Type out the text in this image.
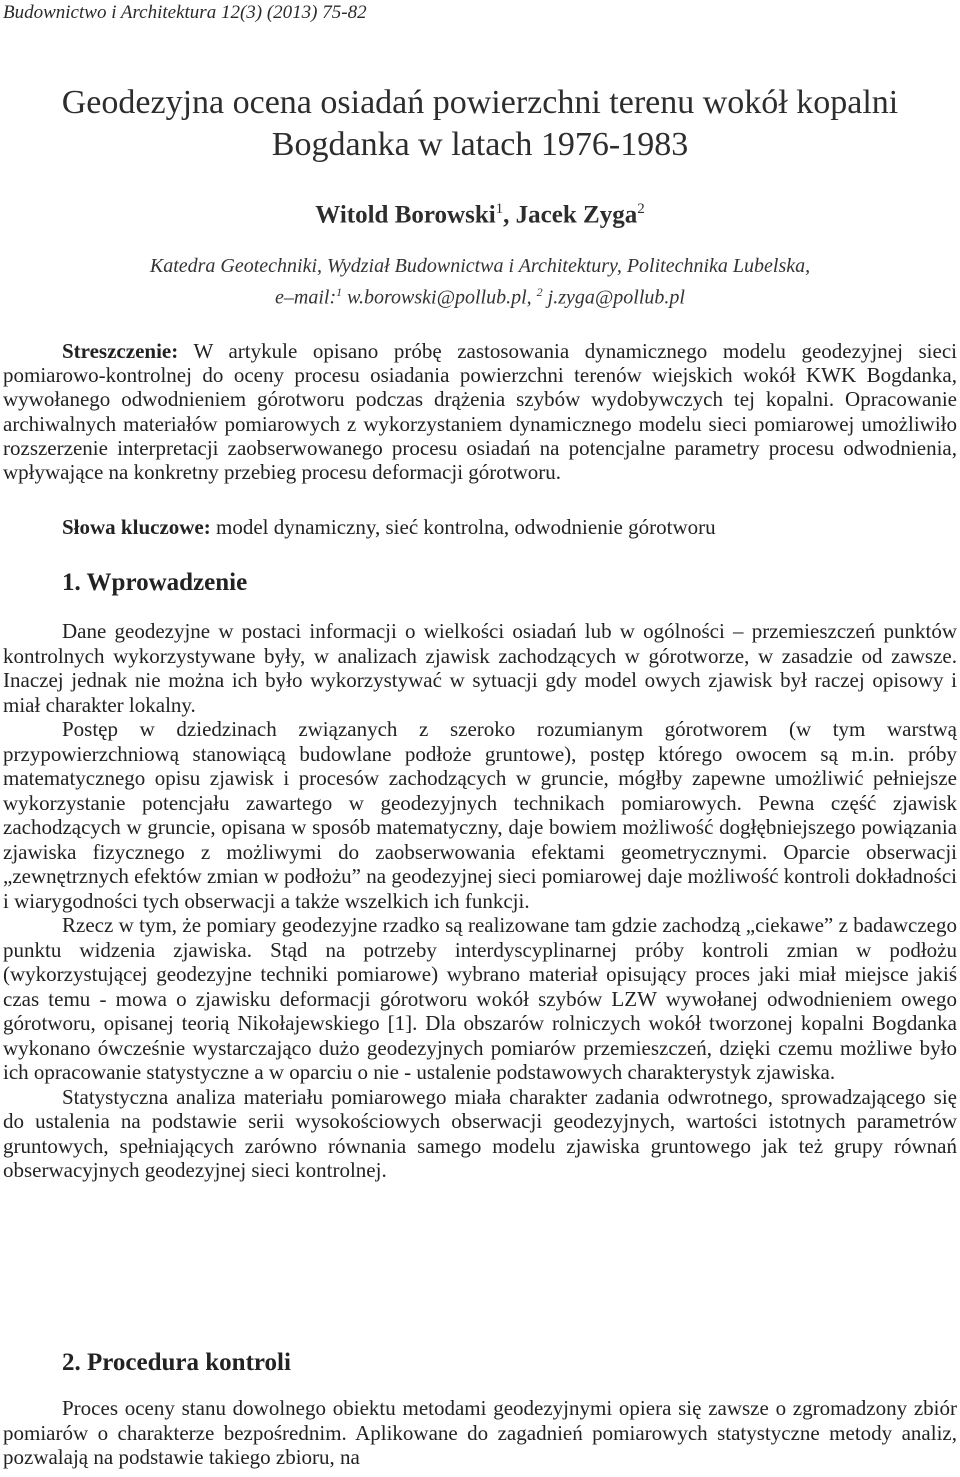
Budownictwo i Architektura 12(3) (2013) 75-82
Geodezyjna ocena osiadań powierzchni terenu wokół kopalni
Bogdanka w latach 1976-1983
Witold Borowski$^1$, Jacek Zyga$^2$
Katedra Geotechniki, Wydział Budownictwa i Architektury, Politechnika Lubelska,
e–mail:$^1$ w.borowski@pollub.pl, $^2$ j.zyga@pollub.pl
Streszczenie: W artykule opisano próbę zastosowania dynamicznego modelu geodezyjnej sieci pomiarowo-kontrolnej do oceny procesu osiadania powierzchni terenów wiejskich wokół KWK Bogdanka, wywołanego odwodnieniem górotworu podczas drążenia szybów wydobywczych tej kopalni. Opracowanie archiwalnych materiałów pomiarowych z wykorzystaniem dynamicznego modelu sieci pomiarowej umożliwiło rozszerzenie interpretacji zaobserwowanego procesu osiadań na potencjalne parametry procesu odwodnienia, wpływające na konkretny przebieg procesu deformacji górotworu.
Słowa kluczowe: model dynamiczny, sieć kontrolna, odwodnienie górotworu
1. Wprowadzenie

Dane geodezyjne w postaci informacji o wielkości osiadań lub w ogólności – przemieszczeń punktów kontrolnych wykorzystywane były, w analizach zjawisk zachodzących w górotworze, w zasadzie od zawsze. Inaczej jednak nie można ich było wykorzystywać w sytuacji gdy model owych zjawisk był raczej opisowy i miał charakter lokalny.

Postęp w dziedzinach związanych z szeroko rozumianym górotworem (w tym warstwą przypowierzchniową stanowiącą budowlane podłoże gruntowe), postęp którego owocem są m.in. próby matematycznego opisu zjawisk i procesów zachodzących w gruncie, mógłby zapewne umożliwić pełniejsze wykorzystanie potencjału zawartego w geodezyjnych technikach pomiarowych. Pewna część zjawisk zachodzących w gruncie, opisana w sposób matematyczny, daje bowiem możliwość dogłębniejszego powiązania zjawiska fizycznego z możliwymi do zaobserwowania efektami geometrycznymi. Oparcie obserwacji „zewnętrznych efektów zmian w podłożu” na geodezyjnej sieci pomiarowej daje możliwość kontroli dokładności i wiarygodności tych obserwacji a także wszelkich ich funkcji.

Rzecz w tym, że pomiary geodezyjne rzadko są realizowane tam gdzie zachodzą „ciekawe” z badawczego punktu widzenia zjawiska. Stąd na potrzeby interdyscyplinarnej próby kontroli zmian w podłożu (wykorzystującej geodezyjne techniki pomiarowe) wybrano materiał opisujący proces jaki miał miejsce jakiś czas temu - mowa o zjawisku deformacji górotworu wokół szybów LZW wywołanej odwodnieniem owego górotworu, opisanej teorią Nikołajewskiego [1]. Dla obszarów rolniczych wokół tworzonej kopalni Bogdanka wykonano ówcześnie wystarczająco dużo geodezyjnych pomiarów przemieszczeń, dzięki czemu możliwe było ich opracowanie statystyczne a w oparciu o nie - ustalenie podstawowych charakterystyk zjawiska.

Statystyczna analiza materiału pomiarowego miała charakter zadania odwrotnego, sprowadzającego się do ustalenia na podstawie serii wysokościowych obserwacji geodezyjnych, wartości istotnych parametrów gruntowych, spełniających zarówno równania samego modelu zjawiska gruntowego jak też grupy równań obserwacyjnych geodezyjnej sieci kontrolnej.

2. Procedura kontroli

Proces oceny stanu dowolnego obiektu metodami geodezyjnymi opiera się zawsze o zgromadzony zbiór pomiarów o charakterze bezpośrednim. Aplikowane do zagadnień pomiarowych statystyczne metody analiz, pozwalają na podstawie takiego zbioru, na
